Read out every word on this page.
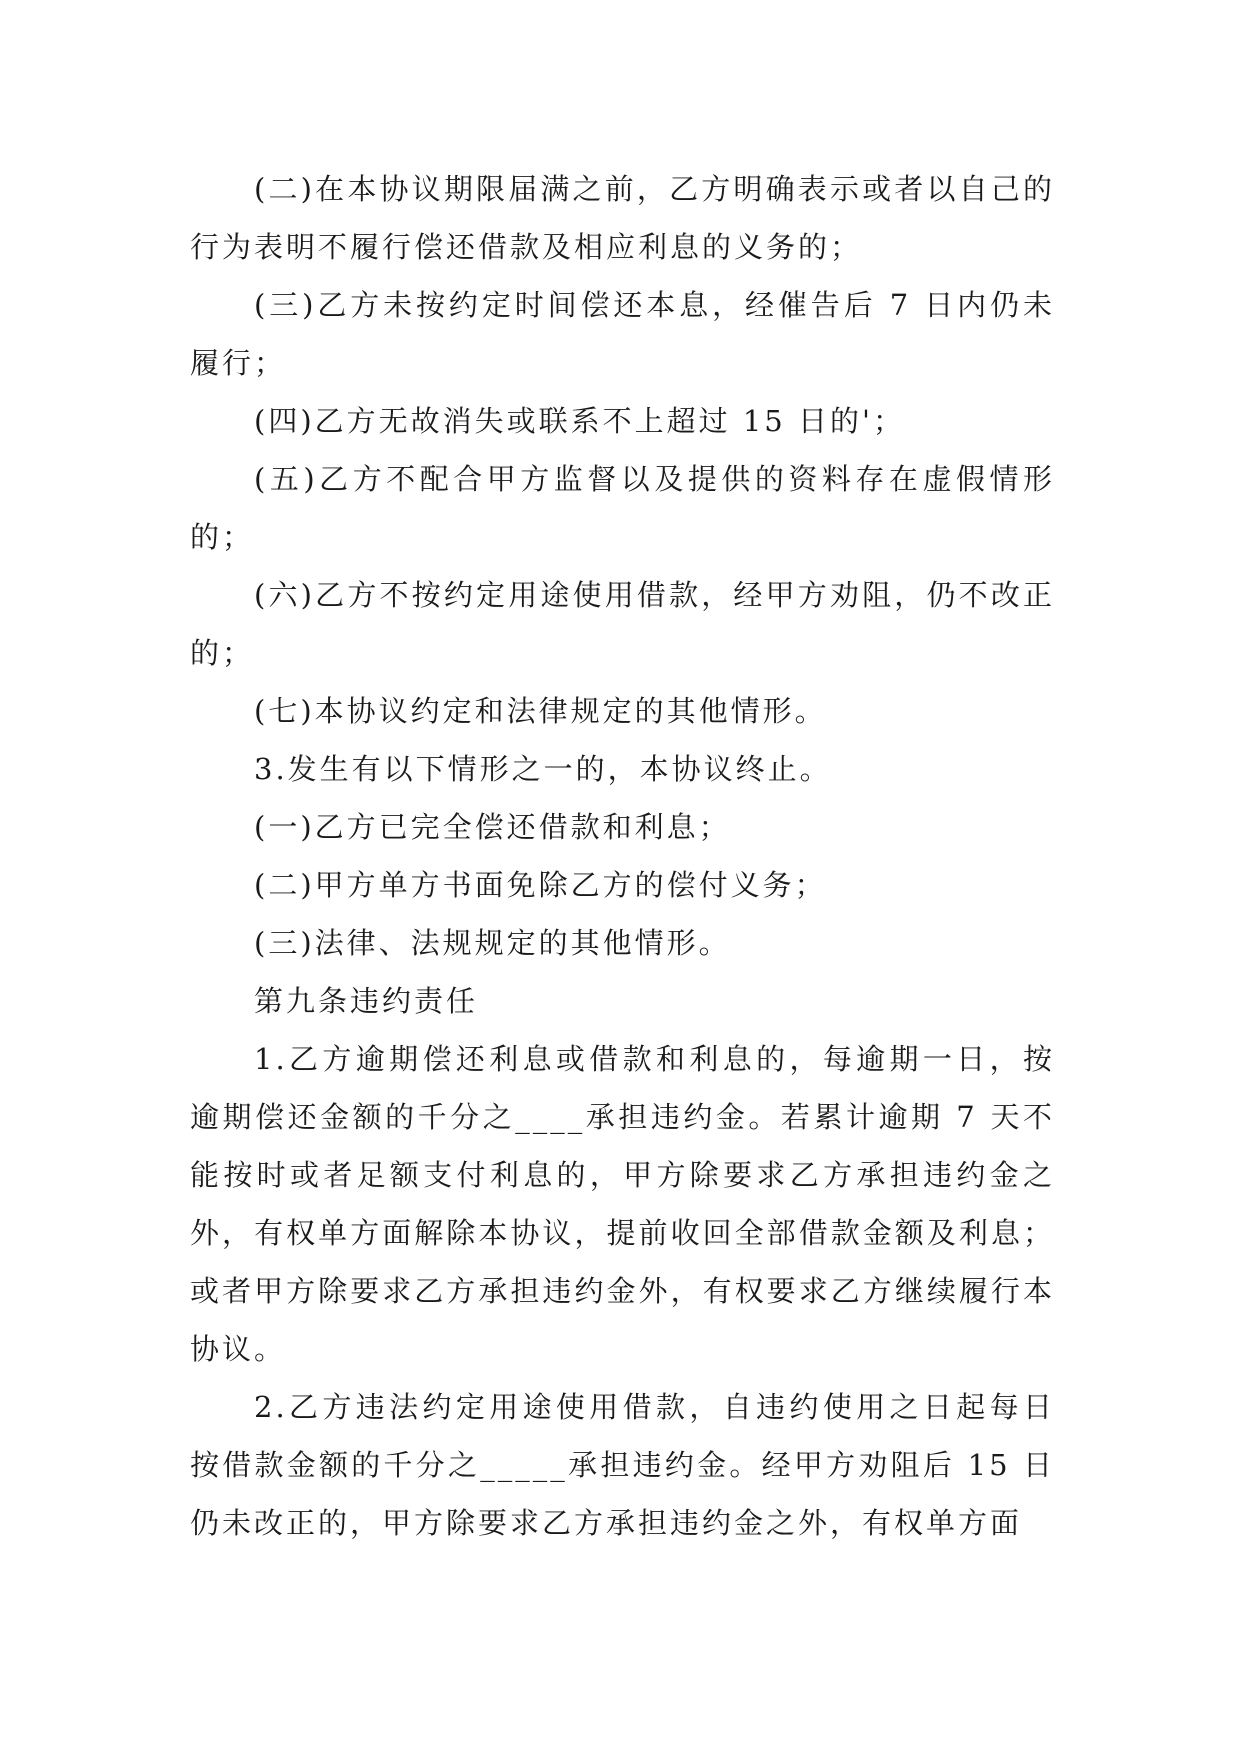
(二)在本协议期限届满之前，乙方明确表示或者以自己的行为表明不履行偿还借款及相应利息的义务的；

(三)乙方未按约定时间偿还本息，经催告后 7 日内仍未履行；

(四)乙方无故消失或联系不上超过 15 日的'；

(五)乙方不配合甲方监督以及提供的资料存在虚假情形的；

(六)乙方不按约定用途使用借款，经甲方劝阻，仍不改正的；

(七)本协议约定和法律规定的其他情形。

3.发生有以下情形之一的，本协议终止。

(一)乙方已完全偿还借款和利息；

(二)甲方单方书面免除乙方的偿付义务；

(三)法律、法规规定的其他情形。

第九条违约责任

1.乙方逾期偿还利息或借款和利息的，每逾期一日，按逾期偿还金额的千分之____承担违约金。若累计逾期 7 天不能按时或者足额支付利息的，甲方除要求乙方承担违约金之外，有权单方面解除本协议，提前收回全部借款金额及利息；或者甲方除要求乙方承担违约金外，有权要求乙方继续履行本协议。

2.乙方违法约定用途使用借款，自违约使用之日起每日按借款金额的千分之_____承担违约金。经甲方劝阻后 15 日仍未改正的，甲方除要求乙方承担违约金之外，有权单方面
